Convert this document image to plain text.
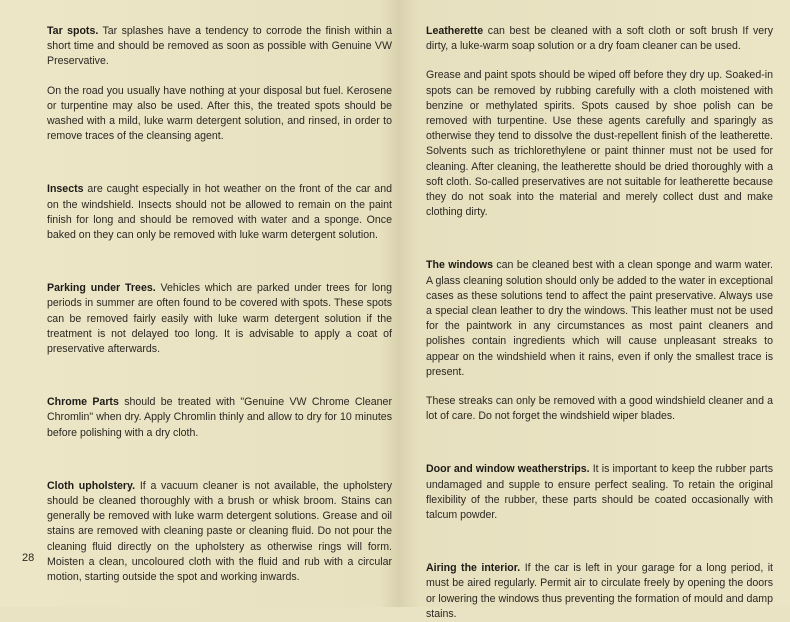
Tar spots. Tar splashes have a tendency to corrode the finish within a short time and should be removed as soon as possible with Genuine VW Preservative.

On the road you usually have nothing at your disposal but fuel. Kerosene or turpentine may also be used. After this, the treated spots should be washed with a mild, luke warm detergent solution, and rinsed, in order to remove traces of the cleansing agent.

Insects are caught especially in hot weather on the front of the car and on the windshield. Insects should not be allowed to remain on the paint finish for long and should be removed with water and a sponge. Once baked on they can only be removed with luke warm detergent solution.

Parking under Trees. Vehicles which are parked under trees for long periods in summer are often found to be covered with spots. These spots can be removed fairly easily with luke warm detergent solution if the treatment is not delayed too long. It is advisable to apply a coat of preservative afterwards.

Chrome Parts should be treated with "Genuine VW Chrome Cleaner Chromlin" when dry. Apply Chromlin thinly and allow to dry for 10 minutes before polishing with a dry cloth.

Cloth upholstery. If a vacuum cleaner is not available, the upholstery should be cleaned thoroughly with a brush or whisk broom. Stains can generally be removed with luke warm detergent solutions. Grease and oil stains are removed with cleaning paste or cleaning fluid. Do not pour the cleaning fluid directly on the upholstery as otherwise rings will form. Moisten a clean, uncoloured cloth with the fluid and rub with a circular motion, starting outside the spot and working inwards.

Leatherette can best be cleaned with a soft cloth or soft brush If very dirty, a luke-warm soap solution or a dry foam cleaner can be used.

Grease and paint spots should be wiped off before they dry up. Soaked-in spots can be removed by rubbing carefully with a cloth moistened with benzine or methylated spirits. Spots caused by shoe polish can be removed with turpentine. Use these agents carefully and sparingly as otherwise they tend to dissolve the dust-repellent finish of the leatherette. Solvents such as trichlorethylene or paint thinner must not be used for cleaning. After cleaning, the leatherette should be dried thoroughly with a soft cloth. So-called preservatives are not suitable for leatherette because they do not soak into the material and merely collect dust and make clothing dirty.

The windows can be cleaned best with a clean sponge and warm water. A glass cleaning solution should only be added to the water in exceptional cases as these solutions tend to affect the paint preservative. Always use a special clean leather to dry the windows. This leather must not be used for the paintwork in any circumstances as most paint cleaners and polishes contain ingredients which will cause unpleasant streaks to appear on the windshield when it rains, even if only the smallest trace is present.

These streaks can only be removed with a good windshield cleaner and a lot of care. Do not forget the windshield wiper blades.

Door and window weatherstrips. It is important to keep the rubber parts undamaged and supple to ensure perfect sealing. To retain the original flexibility of the rubber, these parts should be coated occasionally with talcum powder.

Airing the interior. If the car is left in your garage for a long period, it must be aired regularly. Permit air to circulate freely by opening the doors or lowering the windows thus preventing the formation of mould and damp stains.

28
